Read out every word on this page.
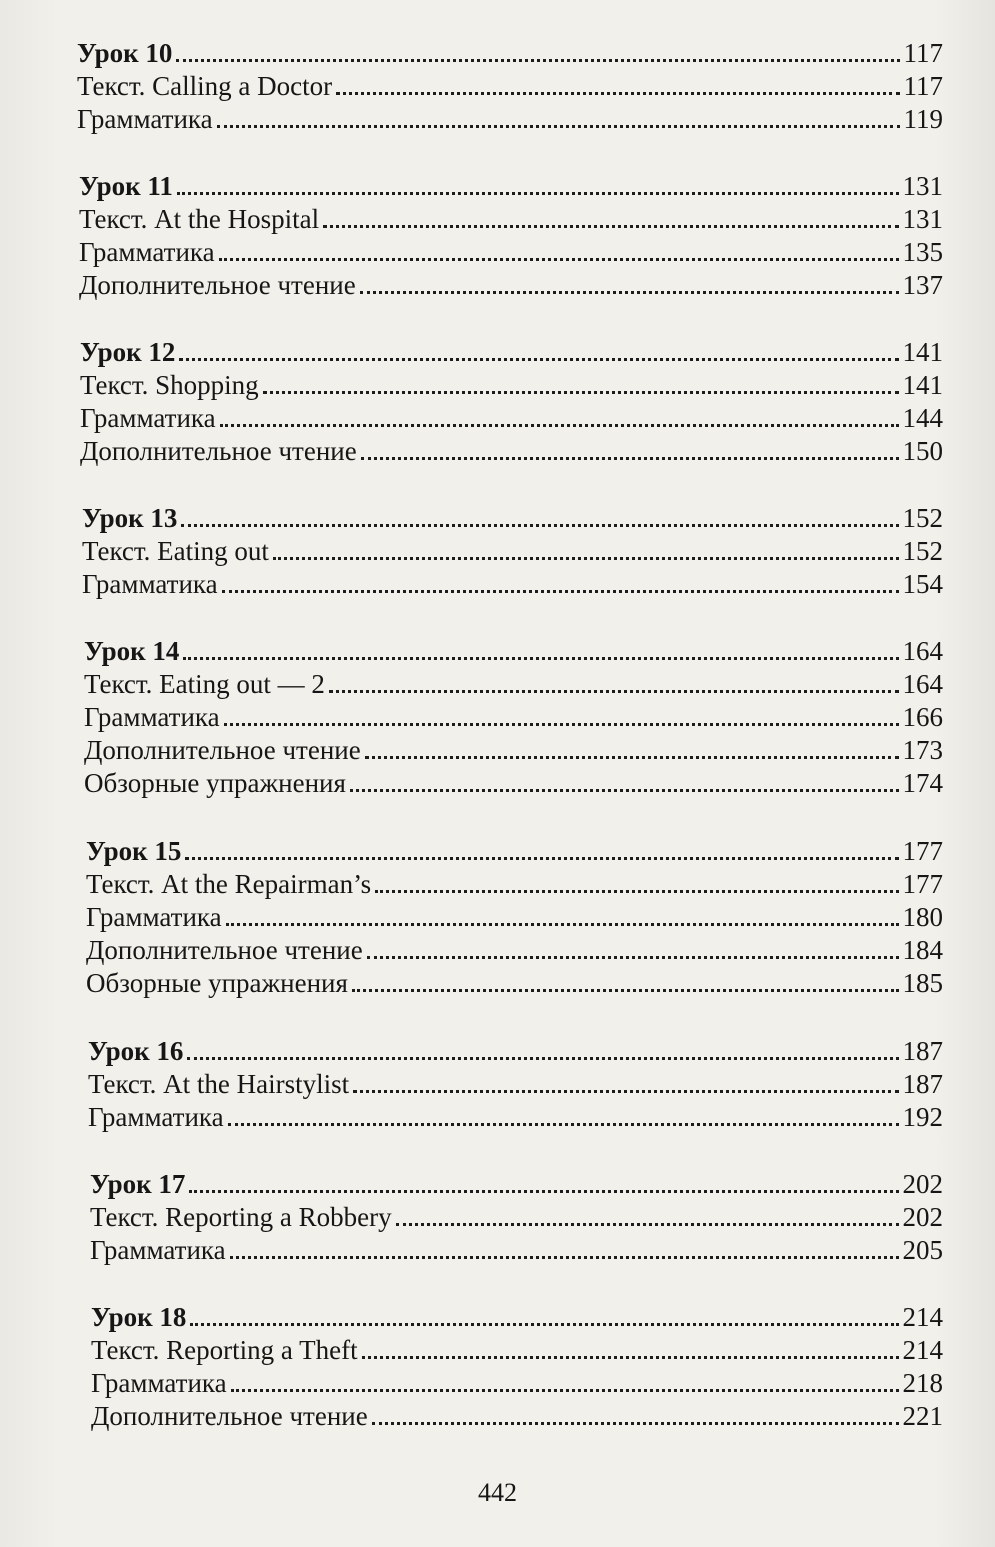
Урок 10	117
Текст. Calling a Doctor	117
Грамматика	119
Урок 11	131
Текст. At the Hospital	131
Грамматика	135
Дополнительное чтение	137
Урок 12	141
Текст. Shopping	141
Грамматика	144
Дополнительное чтение	150
Урок 13	152
Текст. Eating out	152
Грамматика	154
Урок 14	164
Текст. Eating out — 2	164
Грамматика	166
Дополнительное чтение	173
Обзорные упражнения	174
Урок 15	177
Текст. At the Repairman’s	177
Грамматика	180
Дополнительное чтение	184
Обзорные упражнения	185
Урок 16	187
Текст. At the Hairstylist	187
Грамматика	192
Урок 17	202
Текст. Reporting a Robbery	202
Грамматика	205
Урок 18	214
Текст. Reporting a Theft	214
Грамматика	218
Дополнительное чтение	221
442
